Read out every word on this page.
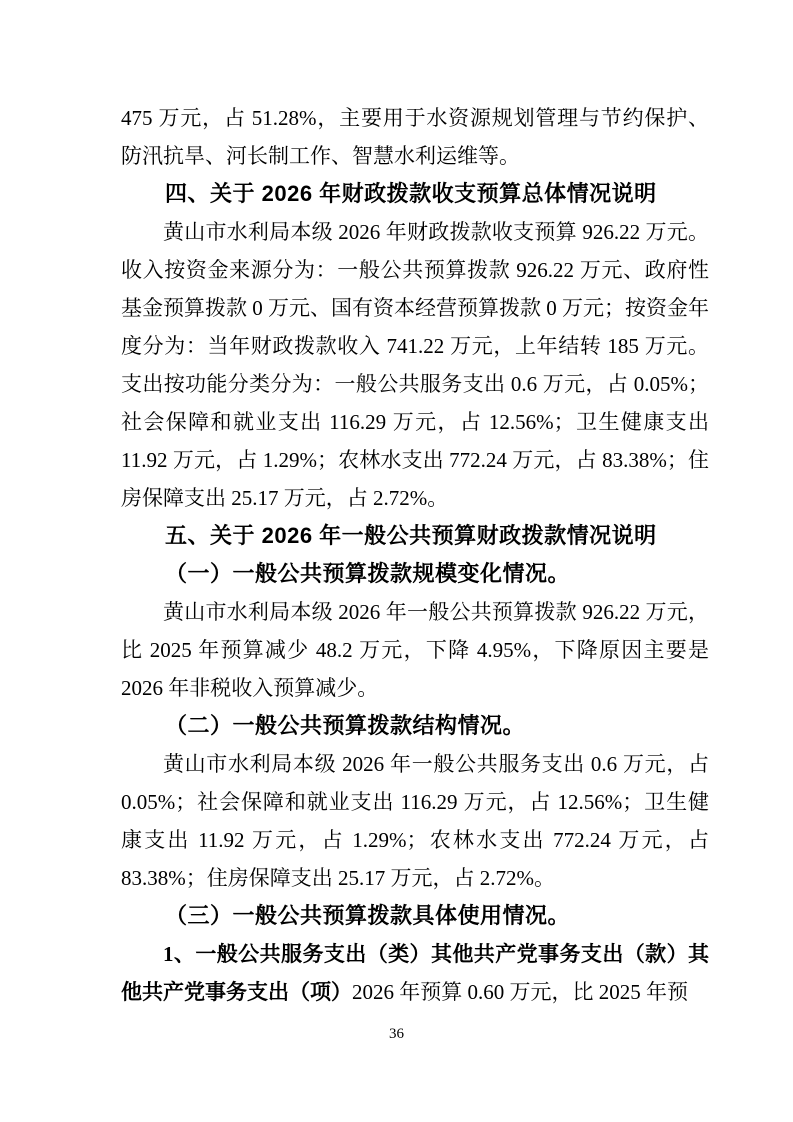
475 万元，占 51.28%，主要用于水资源规划管理与节约保护、防汛抗旱、河长制工作、智慧水利运维等。

四、关于 2026 年财政拨款收支预算总体情况说明

黄山市水利局本级 2026 年财政拨款收支预算 926.22 万元。收入按资金来源分为：一般公共预算拨款 926.22 万元、政府性基金预算拨款 0 万元、国有资本经营预算拨款 0 万元；按资金年度分为：当年财政拨款收入 741.22 万元，上年结转 185 万元。支出按功能分类分为：一般公共服务支出 0.6 万元，占 0.05%；社会保障和就业支出 116.29 万元，占 12.56%；卫生健康支出 11.92 万元，占 1.29%；农林水支出 772.24 万元，占 83.38%；住房保障支出 25.17 万元，占 2.72%。

五、关于 2026 年一般公共预算财政拨款情况说明

（一）一般公共预算拨款规模变化情况。

黄山市水利局本级 2026 年一般公共预算拨款 926.22 万元，比 2025 年预算减少 48.2 万元，下降 4.95%，下降原因主要是 2026 年非税收入预算减少。

（二）一般公共预算拨款结构情况。

黄山市水利局本级 2026 年一般公共服务支出 0.6 万元，占 0.05%；社会保障和就业支出 116.29 万元，占 12.56%；卫生健康支出 11.92 万元，占 1.29%；农林水支出 772.24 万元，占 83.38%；住房保障支出 25.17 万元，占 2.72%。

（三）一般公共预算拨款具体使用情况。

1、一般公共服务支出（类）其他共产党事务支出（款）其他共产党事务支出（项）2026 年预算 0.60 万元，比 2025 年预

36
